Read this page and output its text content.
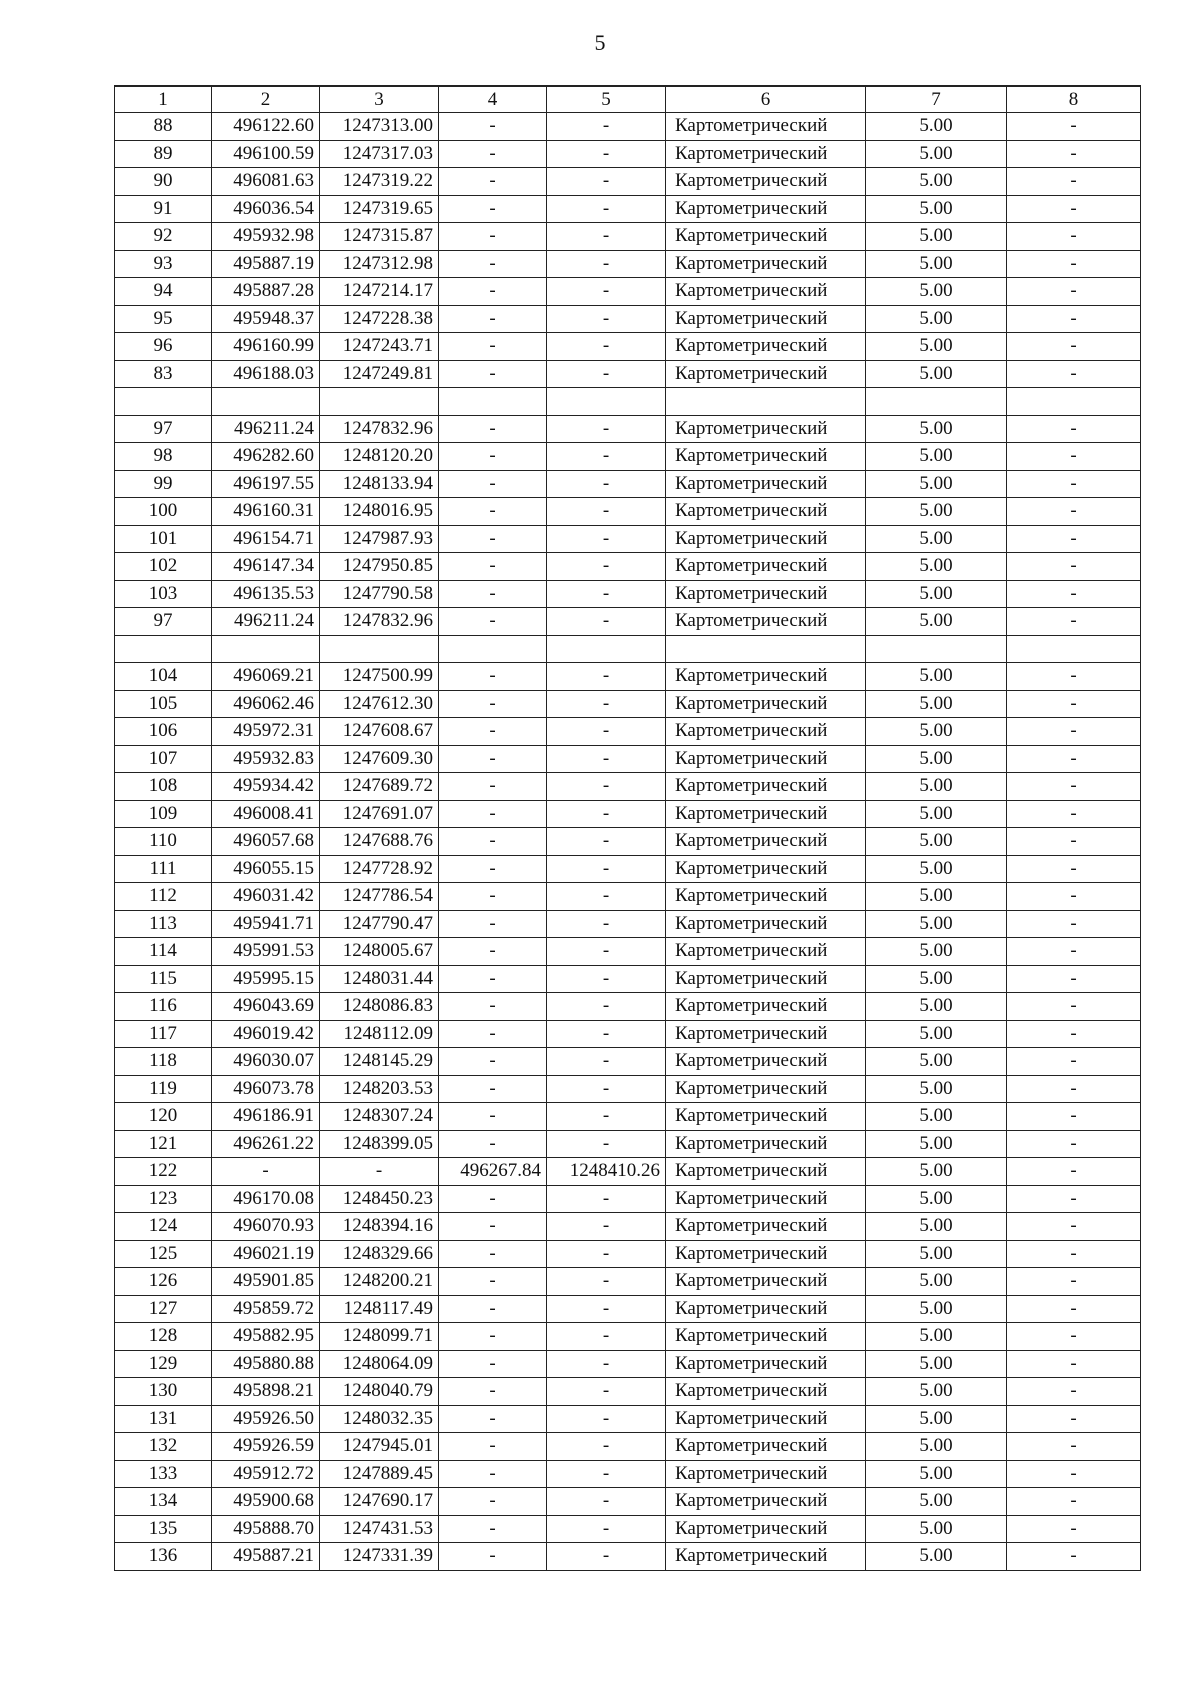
5
1	2	3	4	5	6	7	8
88	496122.60	1247313.00	-	-	Картометрический	5.00	-
89	496100.59	1247317.03	-	-	Картометрический	5.00	-
90	496081.63	1247319.22	-	-	Картометрический	5.00	-
91	496036.54	1247319.65	-	-	Картометрический	5.00	-
92	495932.98	1247315.87	-	-	Картометрический	5.00	-
93	495887.19	1247312.98	-	-	Картометрический	5.00	-
94	495887.28	1247214.17	-	-	Картометрический	5.00	-
95	495948.37	1247228.38	-	-	Картометрический	5.00	-
96	496160.99	1247243.71	-	-	Картометрический	5.00	-
83	496188.03	1247249.81	-	-	Картометрический	5.00	-

97	496211.24	1247832.96	-	-	Картометрический	5.00	-
98	496282.60	1248120.20	-	-	Картометрический	5.00	-
99	496197.55	1248133.94	-	-	Картометрический	5.00	-
100	496160.31	1248016.95	-	-	Картометрический	5.00	-
101	496154.71	1247987.93	-	-	Картометрический	5.00	-
102	496147.34	1247950.85	-	-	Картометрический	5.00	-
103	496135.53	1247790.58	-	-	Картометрический	5.00	-
97	496211.24	1247832.96	-	-	Картометрический	5.00	-

104	496069.21	1247500.99	-	-	Картометрический	5.00	-
105	496062.46	1247612.30	-	-	Картометрический	5.00	-
106	495972.31	1247608.67	-	-	Картометрический	5.00	-
107	495932.83	1247609.30	-	-	Картометрический	5.00	-
108	495934.42	1247689.72	-	-	Картометрический	5.00	-
109	496008.41	1247691.07	-	-	Картометрический	5.00	-
110	496057.68	1247688.76	-	-	Картометрический	5.00	-
111	496055.15	1247728.92	-	-	Картометрический	5.00	-
112	496031.42	1247786.54	-	-	Картометрический	5.00	-
113	495941.71	1247790.47	-	-	Картометрический	5.00	-
114	495991.53	1248005.67	-	-	Картометрический	5.00	-
115	495995.15	1248031.44	-	-	Картометрический	5.00	-
116	496043.69	1248086.83	-	-	Картометрический	5.00	-
117	496019.42	1248112.09	-	-	Картометрический	5.00	-
118	496030.07	1248145.29	-	-	Картометрический	5.00	-
119	496073.78	1248203.53	-	-	Картометрический	5.00	-
120	496186.91	1248307.24	-	-	Картометрический	5.00	-
121	496261.22	1248399.05	-	-	Картометрический	5.00	-
122	-	-	496267.84	1248410.26	Картометрический	5.00	-
123	496170.08	1248450.23	-	-	Картометрический	5.00	-
124	496070.93	1248394.16	-	-	Картометрический	5.00	-
125	496021.19	1248329.66	-	-	Картометрический	5.00	-
126	495901.85	1248200.21	-	-	Картометрический	5.00	-
127	495859.72	1248117.49	-	-	Картометрический	5.00	-
128	495882.95	1248099.71	-	-	Картометрический	5.00	-
129	495880.88	1248064.09	-	-	Картометрический	5.00	-
130	495898.21	1248040.79	-	-	Картометрический	5.00	-
131	495926.50	1248032.35	-	-	Картометрический	5.00	-
132	495926.59	1247945.01	-	-	Картометрический	5.00	-
133	495912.72	1247889.45	-	-	Картометрический	5.00	-
134	495900.68	1247690.17	-	-	Картометрический	5.00	-
135	495888.70	1247431.53	-	-	Картометрический	5.00	-
136	495887.21	1247331.39	-	-	Картометрический	5.00	-
